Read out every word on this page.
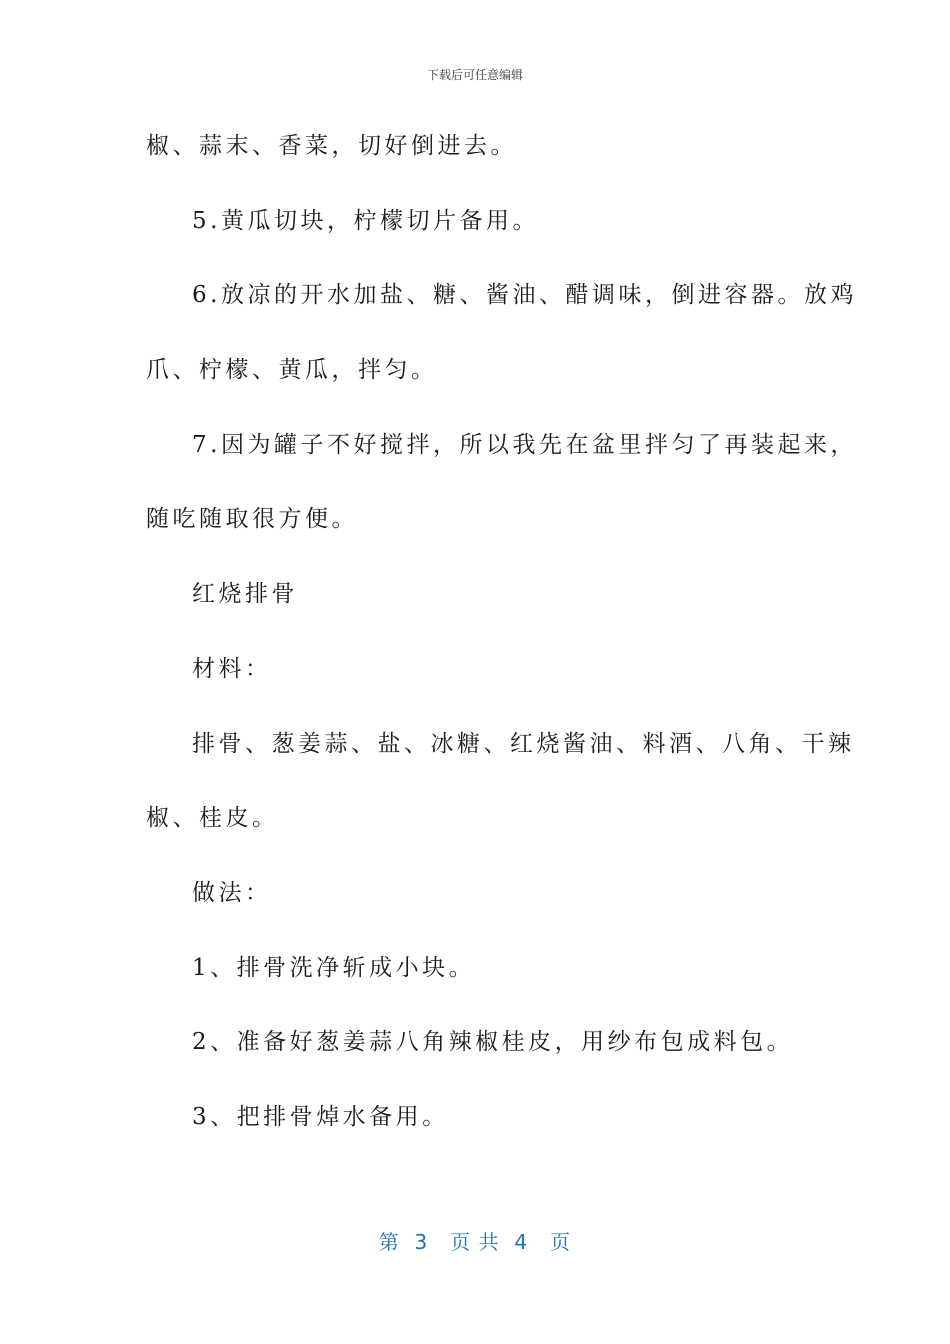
下载后可任意编辑
椒、蒜末、香菜，切好倒进去。
5.黄瓜切块，柠檬切片备用。
6.放凉的开水加盐、糖、酱油、醋调味，倒进容器。放鸡
爪、柠檬、黄瓜，拌匀。
7.因为罐子不好搅拌，所以我先在盆里拌匀了再装起来，
随吃随取很方便。
红烧排骨
材料：
排骨、葱姜蒜、盐、冰糖、红烧酱油、料酒、八角、干辣
椒、桂皮。
做法：
1、排骨洗净斩成小块。
2、准备好葱姜蒜八角辣椒桂皮，用纱布包成料包。
3、把排骨焯水备用。
第  3   页 共  4   页
